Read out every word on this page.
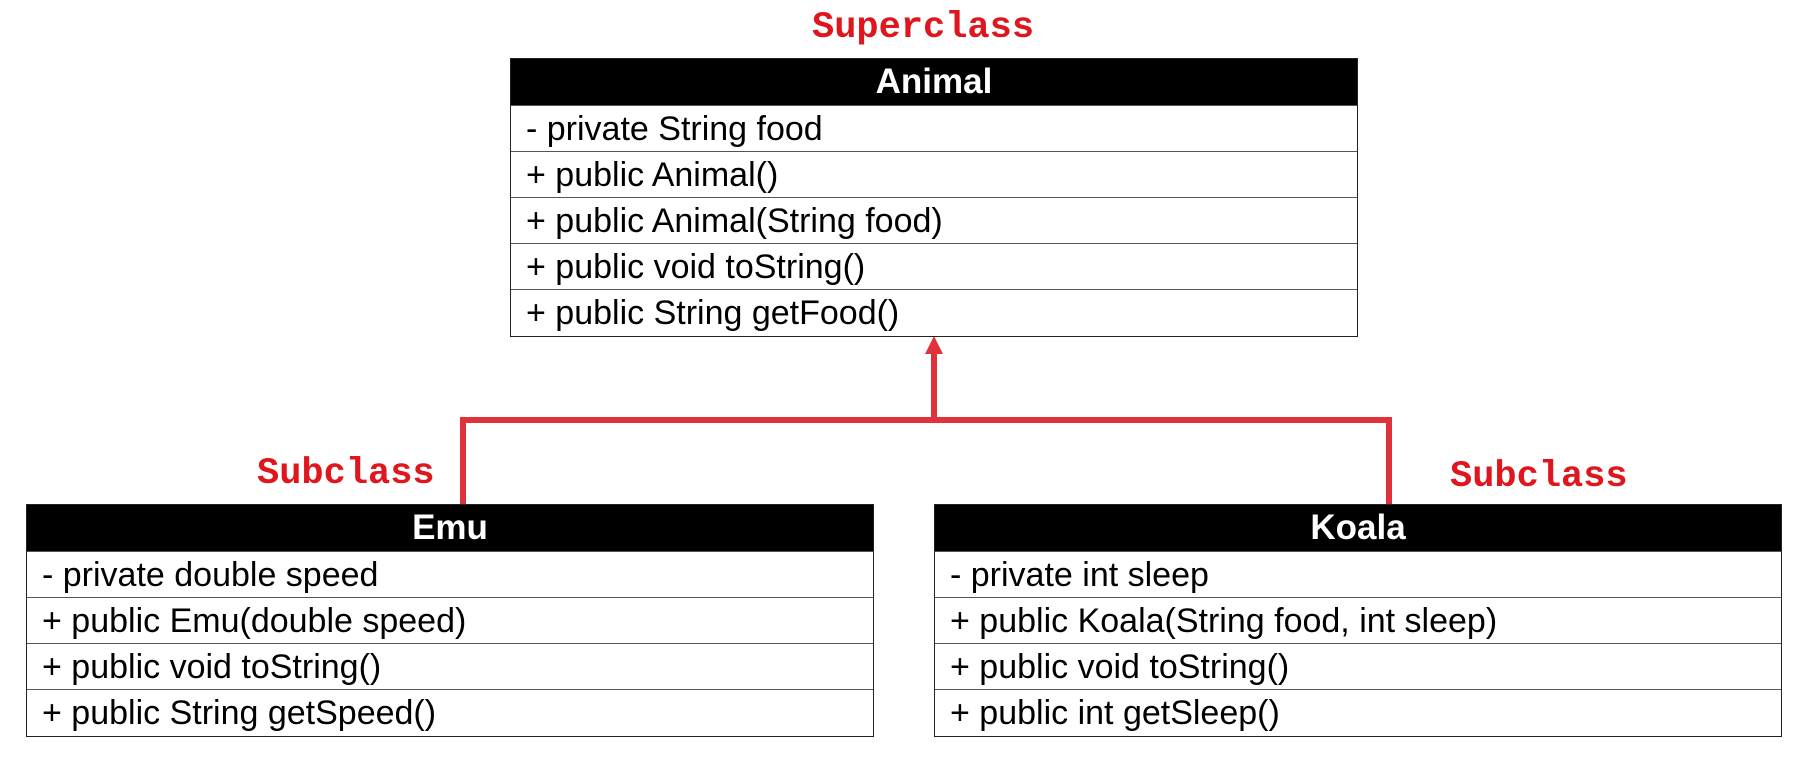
Superclass
Subclass	Subclass
Animal
- private String food
+ public Animal()
+ public Animal(String food)
+ public void toString()
+ public String getFood()
Emu
- private double speed
+ public Emu(double speed)
+ public void toString()
+ public String getSpeed()
Koala
- private int sleep
+ public Koala(String food, int sleep)
+ public void toString()
+ public int getSleep()
